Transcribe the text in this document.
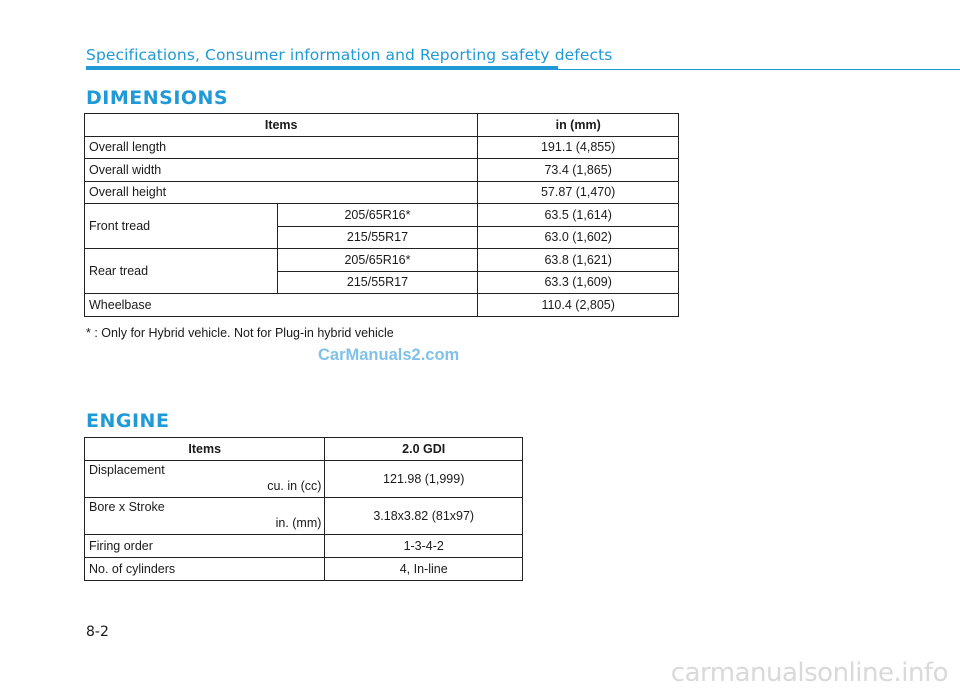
Specifications, Consumer information and Reporting safety defects
DIMENSIONS
Items		in (mm)
Overall length		191.1 (4,855)
Overall width		73.4 (1,865)
Overall height		57.87 (1,470)
Front tread	205/65R16*	63.5 (1,614)
	215/55R17	63.0 (1,602)
Rear tread	205/65R16*	63.8 (1,621)
	215/55R17	63.3 (1,609)
Wheelbase		110.4 (2,805)
* : Only for Hybrid vehicle. Not for Plug-in hybrid vehicle
CarManuals2.com
ENGINE
Items	2.0 GDI

Displacement
cu. in (cc)	121.98 (1,999)

Bore x Stroke
in. (mm)	3.18x3.82 (81x97)
Firing order	1-3-4-2
No. of cylinders	4, In-line
8-2
carmanualsonline.info
